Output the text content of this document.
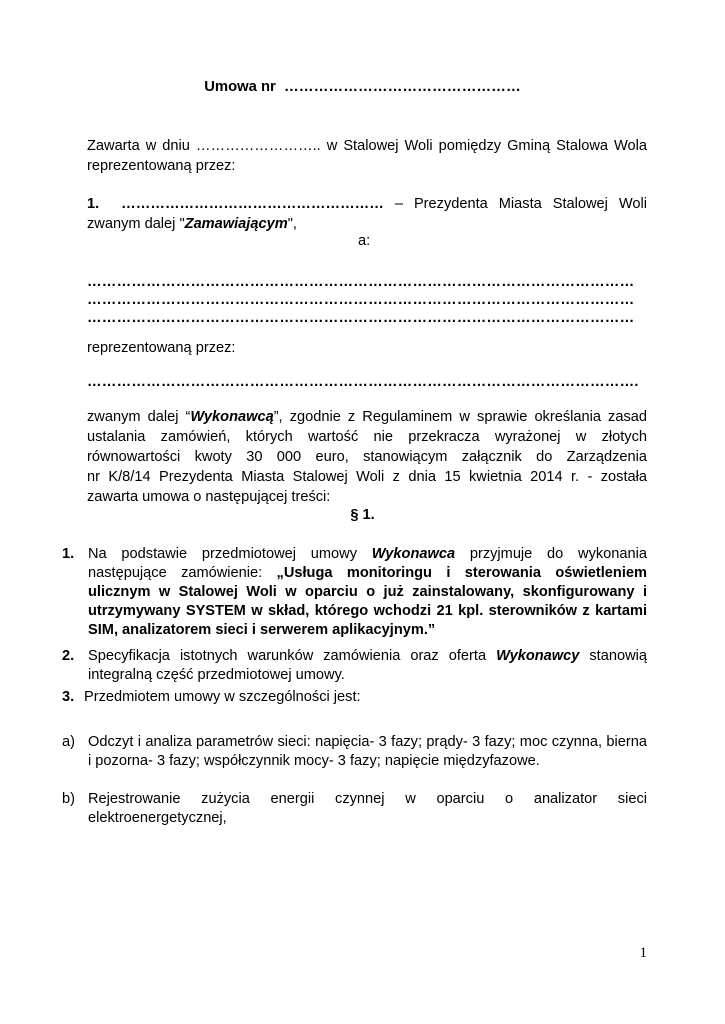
Umowa nr …………………………………………
Zawarta w dniu …………………….. w Stalowej Woli pomiędzy Gminą Stalowa Wola
reprezentowaną przez:
1. ……………………………………………… – Prezydenta Miasta Stalowej Woli
zwanym dalej "Zamawiającym",
a:
…………………………………………………………………………………………………
…………………………………………………………………………………………………
…………………………………………………………………………………………………
reprezentowaną przez:
………………………………………………………………………………………………….
zwanym dalej “Wykonawcą”, zgodnie z Regulaminem w sprawie określania zasad
ustalania zamówień, których wartość nie przekracza wyrażonej w złotych
równowartości kwoty 30 000 euro, stanowiącym załącznik do Zarządzenia
nr K/8/14 Prezydenta Miasta Stalowej Woli z dnia 15 kwietnia 2014 r. - została
zawarta umowa o następującej treści:
§ 1.
1. Na podstawie przedmiotowej umowy Wykonawca przyjmuje do wykonania
następujące zamówienie: „Usługa monitoringu i sterowania oświetleniem
ulicznym w Stalowej Woli w oparciu o już zainstalowany, skonfigurowany i
utrzymywany SYSTEM w skład, którego wchodzi 21 kpl. sterowników z kartami
SIM, analizatorem sieci i serwerem aplikacyjnym.”
2. Specyfikacja istotnych warunków zamówienia oraz oferta Wykonawcy stanowią
integralną część przedmiotowej umowy.
3. Przedmiotem umowy w szczególności jest:
a) Odczyt i analiza parametrów sieci: napięcia- 3 fazy; prądy- 3 fazy; moc czynna, bierna
i pozorna- 3 fazy; współczynnik mocy- 3 fazy; napięcie międzyfazowe.
b) Rejestrowanie zużycia energii czynnej w oparciu o analizator sieci
elektroenergetycznej,
1
